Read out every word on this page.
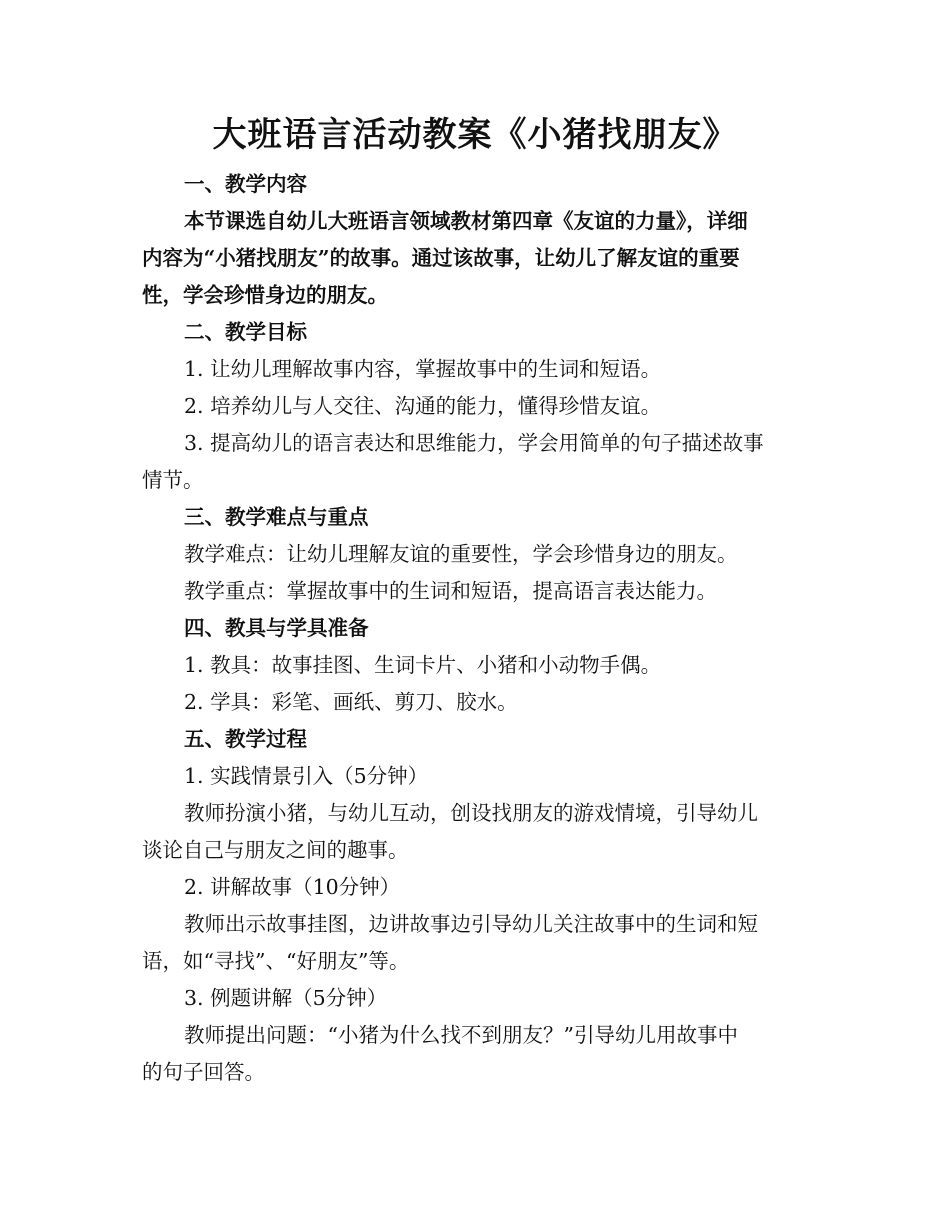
大班语言活动教案《小猪找朋友》

一、教学内容

本节课选自幼儿大班语言领域教材第四章《友谊的力量》，详细

内容为“小猪找朋友”的故事。通过该故事，让幼儿了解友谊的重要

性，学会珍惜身边的朋友。

二、教学目标

1. 让幼儿理解故事内容，掌握故事中的生词和短语。

2. 培养幼儿与人交往、沟通的能力，懂得珍惜友谊。

3. 提高幼儿的语言表达和思维能力，学会用简单的句子描述故事

情节。

三、教学难点与重点

教学难点：让幼儿理解友谊的重要性，学会珍惜身边的朋友。

教学重点：掌握故事中的生词和短语，提高语言表达能力。

四、教具与学具准备

1. 教具：故事挂图、生词卡片、小猪和小动物手偶。

2. 学具：彩笔、画纸、剪刀、胶水。

五、教学过程

1. 实践情景引入（5分钟）

教师扮演小猪，与幼儿互动，创设找朋友的游戏情境，引导幼儿

谈论自己与朋友之间的趣事。

2. 讲解故事（10分钟）

教师出示故事挂图，边讲故事边引导幼儿关注故事中的生词和短

语，如“寻找”、“好朋友”等。

3. 例题讲解（5分钟）

教师提出问题：“小猪为什么找不到朋友？”引导幼儿用故事中

的句子回答。
